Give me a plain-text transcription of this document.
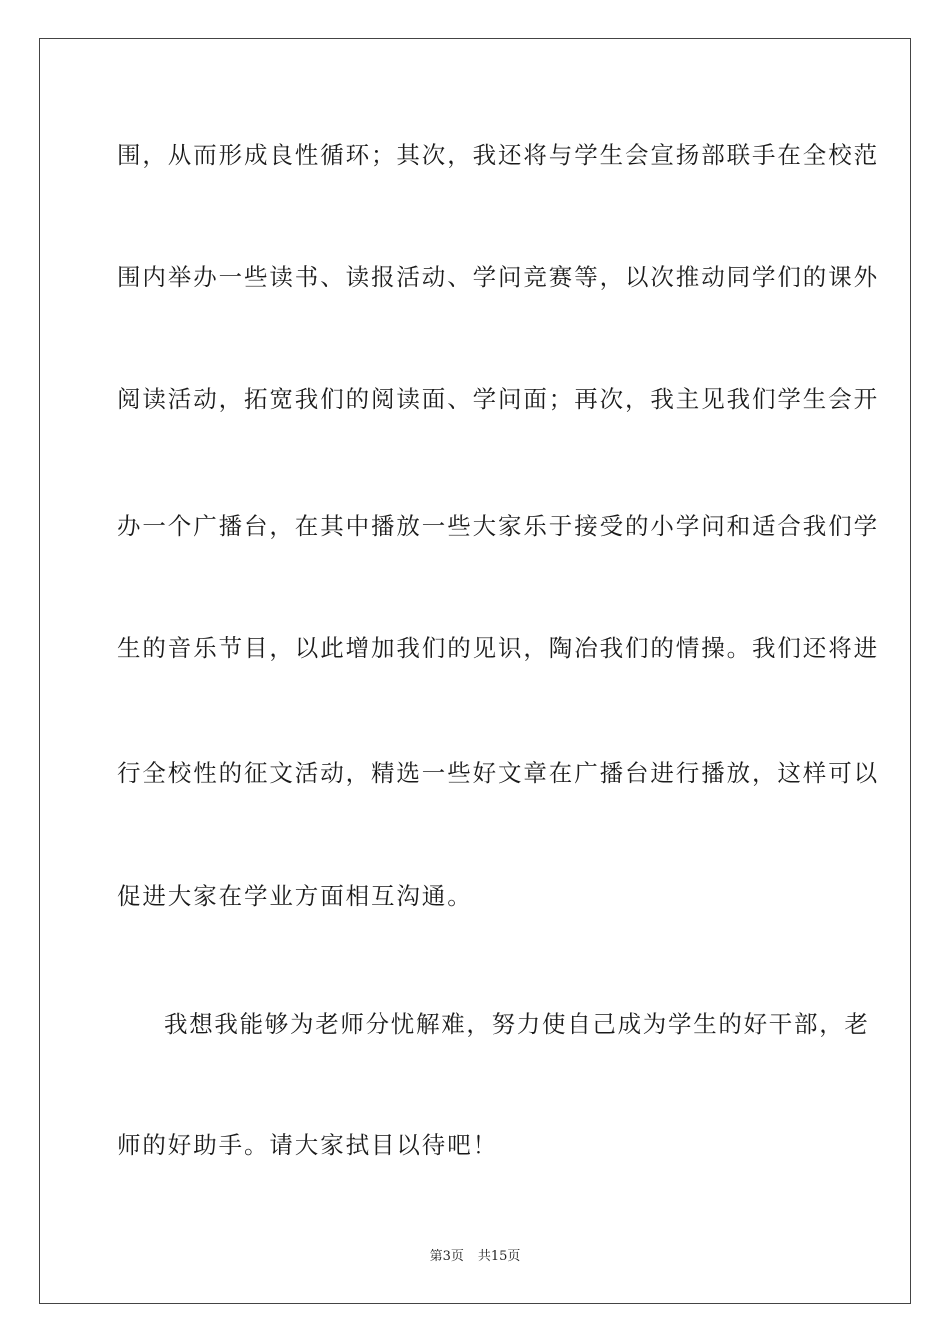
围，从而形成良性循环；其次，我还将与学生会宣扬部联手在全校范
围内举办一些读书、读报活动、学问竞赛等，以次推动同学们的课外
阅读活动，拓宽我们的阅读面、学问面；再次，我主见我们学生会开
办一个广播台，在其中播放一些大家乐于接受的小学问和适合我们学
生的音乐节目，以此增加我们的见识，陶冶我们的情操。我们还将进
行全校性的征文活动，精选一些好文章在广播台进行播放，这样可以
促进大家在学业方面相互沟通。
我想我能够为老师分忧解难，努力使自己成为学生的好干部，老
师的好助手。请大家拭目以待吧！
第3页 共15页
